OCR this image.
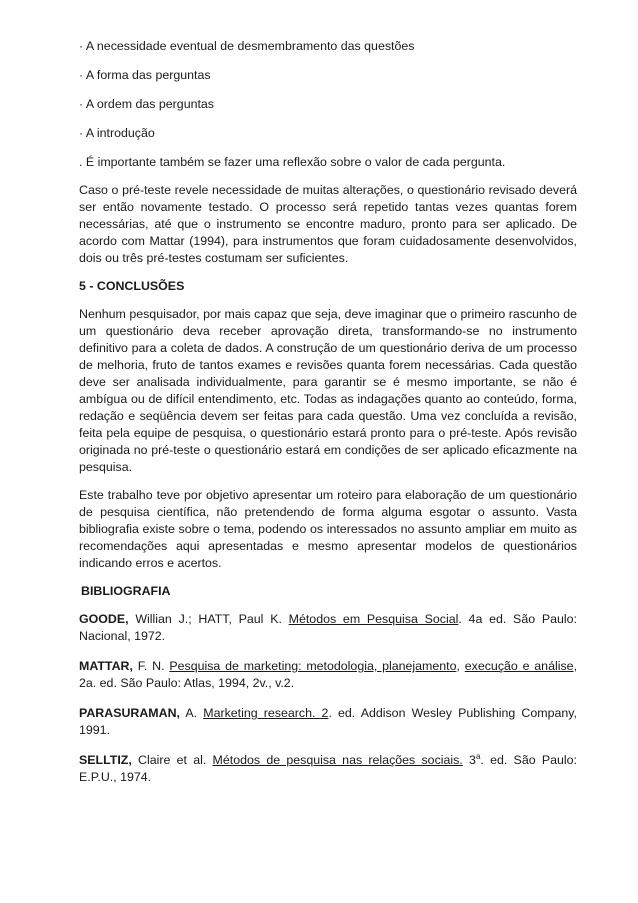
· A necessidade eventual de desmembramento das questões
· A forma das perguntas
· A ordem das perguntas
· A introdução
. É importante também se fazer uma reflexão sobre o valor de cada pergunta.

Caso o pré-teste revele necessidade de muitas alterações, o questionário revisado deverá ser então novamente testado. O processo será repetido tantas vezes quantas forem necessárias, até que o instrumento se encontre maduro, pronto para ser aplicado. De acordo com Mattar (1994), para instrumentos que foram cuidadosamente desenvolvidos, dois ou três pré-testes costumam ser suficientes.

5 - CONCLUSÕES

Nenhum pesquisador, por mais capaz que seja, deve imaginar que o primeiro rascunho de um questionário deva receber aprovação direta, transformando-se no instrumento definitivo para a coleta de dados. A construção de um questionário deriva de um processo de melhoria, fruto de tantos exames e revisões quanta forem necessárias. Cada questão deve ser analisada individualmente, para garantir se é mesmo importante, se não é ambígua ou de difícil entendimento, etc. Todas as indagações quanto ao conteúdo, forma, redação e seqüência devem ser feitas para cada questão. Uma vez concluída a revisão, feita pela equipe de pesquisa, o questionário estará pronto para o pré-teste. Após revisão originada no pré-teste o questionário estará em condições de ser aplicado eficazmente na pesquisa.

Este trabalho teve por objetivo apresentar um roteiro para elaboração de um questionário de pesquisa científica, não pretendendo de forma alguma esgotar o assunto. Vasta bibliografia existe sobre o tema, podendo os interessados no assunto ampliar em muito as recomendações aqui apresentadas e mesmo apresentar modelos de questionários indicando erros e acertos.

BIBLIOGRAFIA

GOODE, Willian J.; HATT, Paul K. Métodos em Pesquisa Social. 4a ed. São Paulo: Nacional, 1972.

MATTAR, F. N. Pesquisa de marketing: metodologia, planejamento, execução e análise, 2a. ed. São Paulo: Atlas, 1994, 2v., v.2.

PARASURAMAN, A. Marketing research. 2. ed. Addison Wesley Publishing Company, 1991.

SELLTIZ, Claire et al. Métodos de pesquisa nas relações sociais. 3$^a$. ed. São Paulo: E.P.U., 1974.
